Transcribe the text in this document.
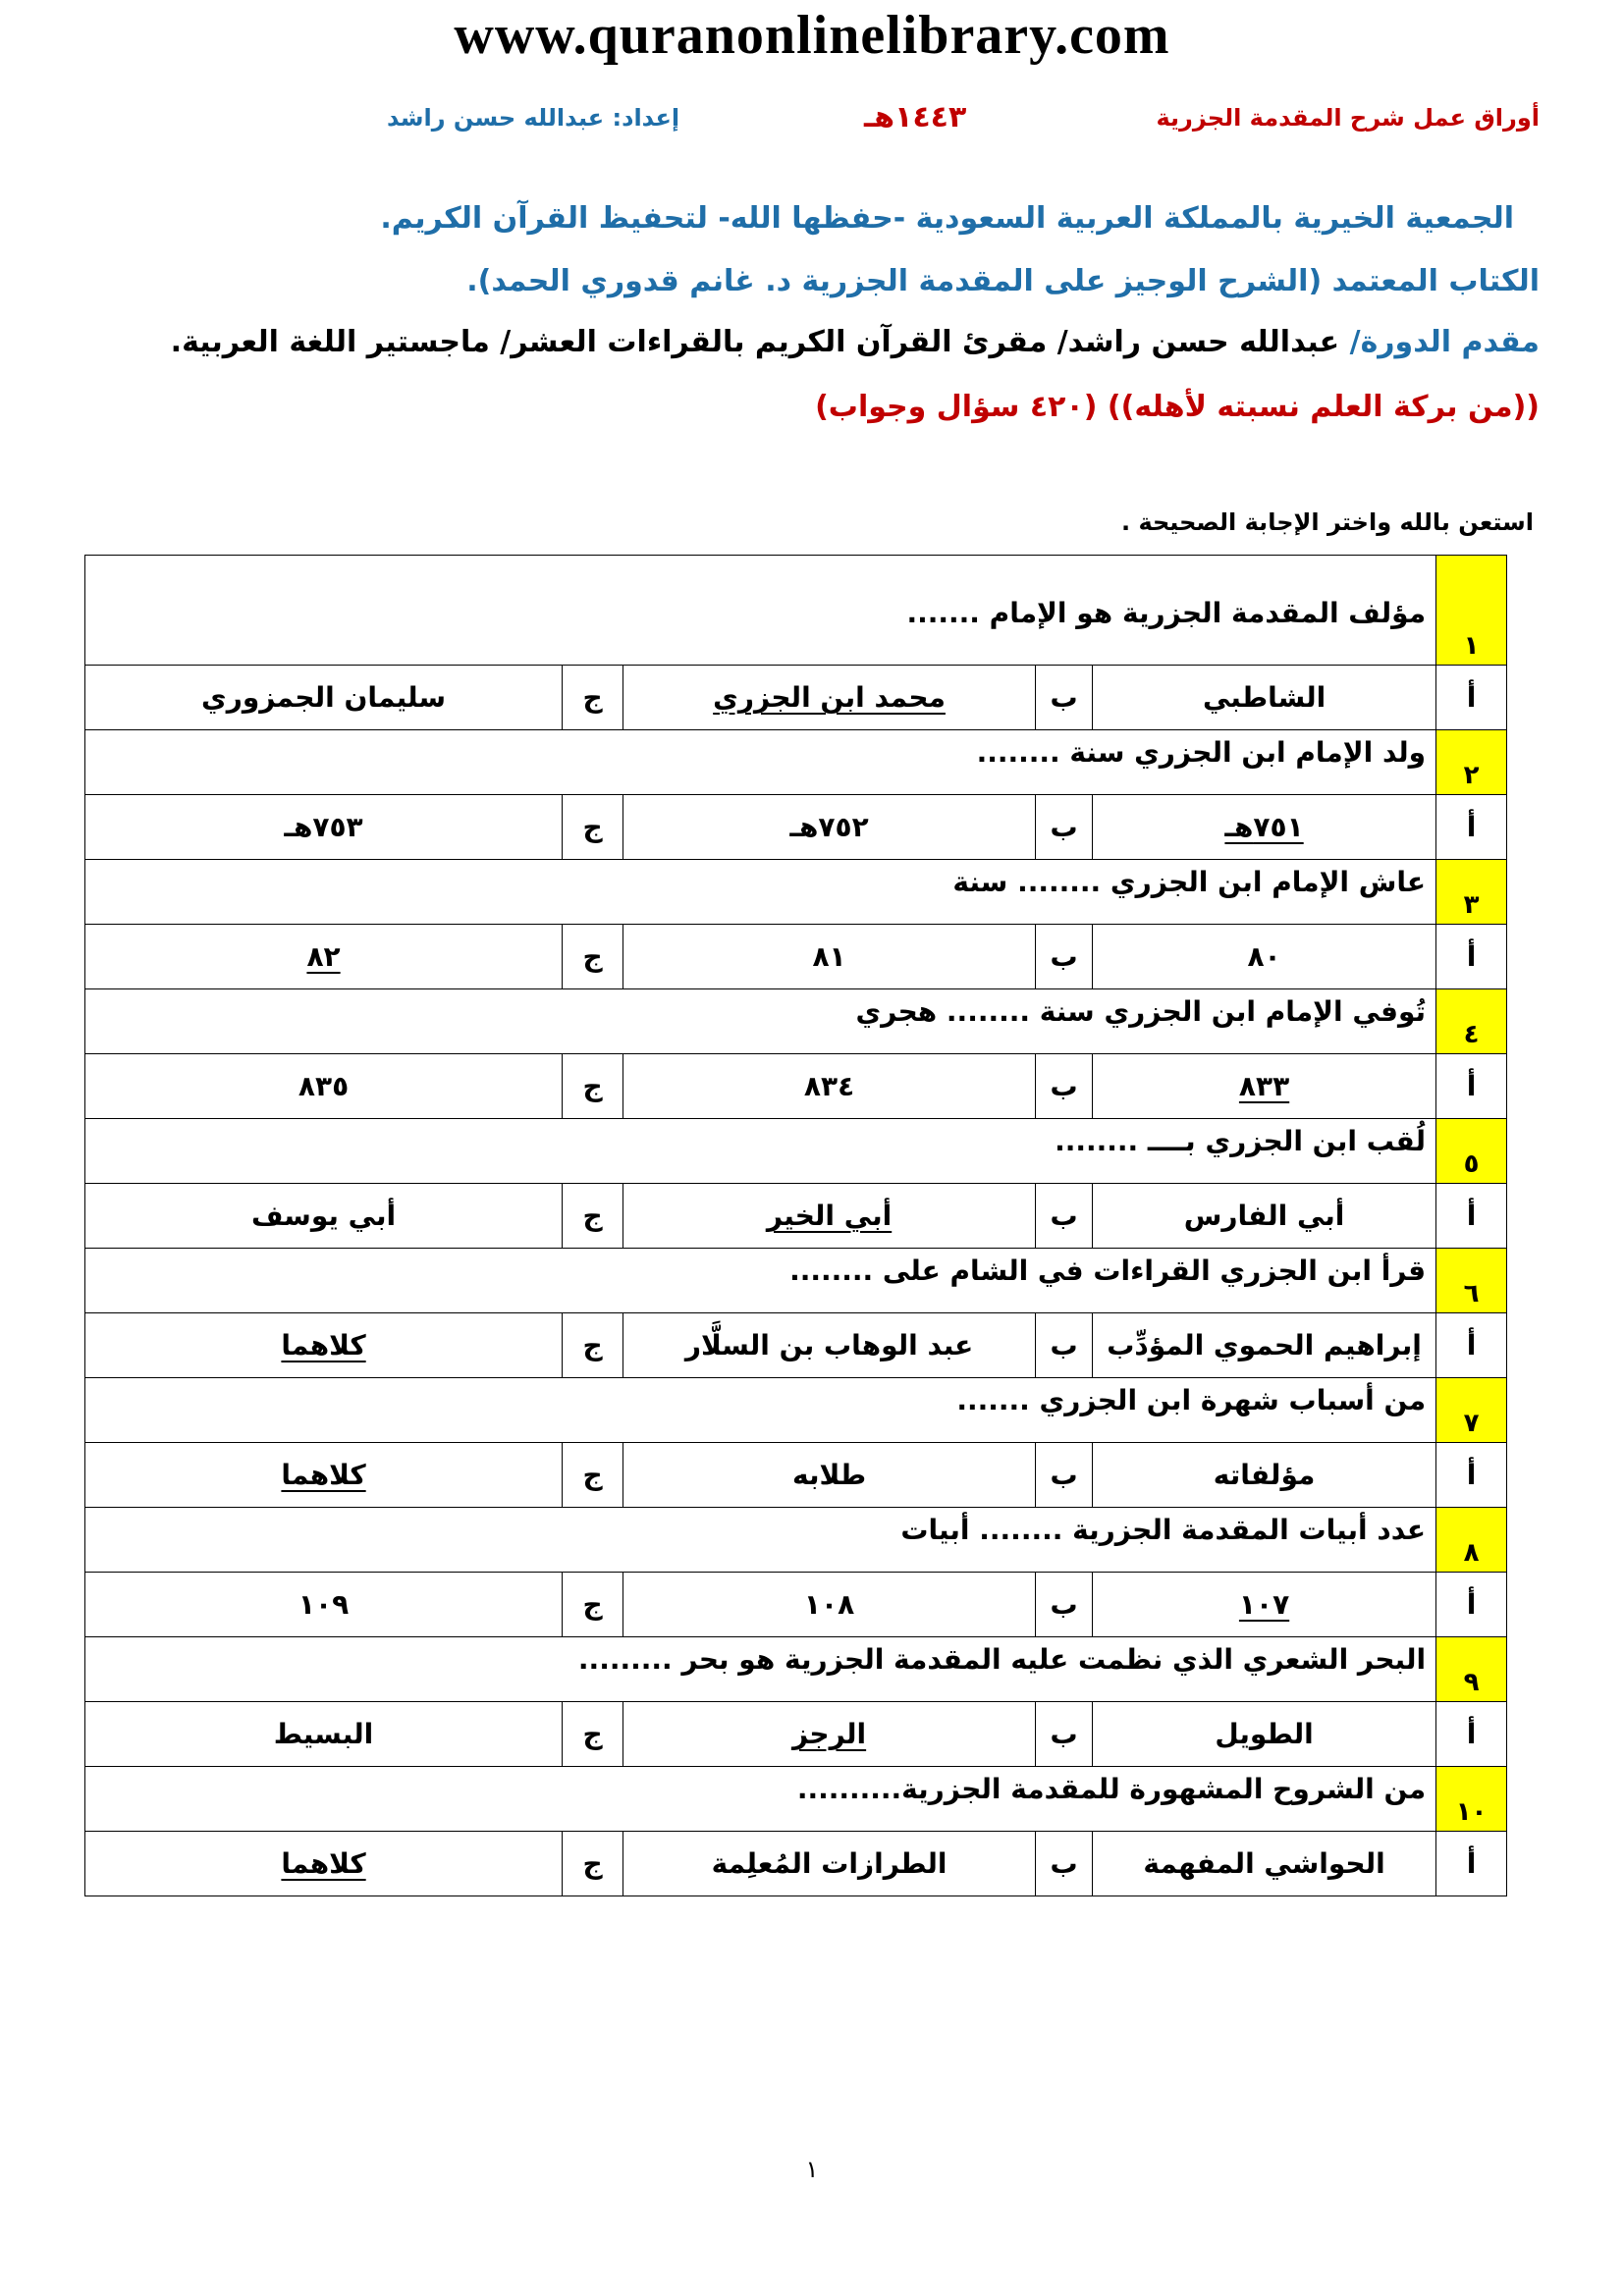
www.quranonlinelibrary.com
أوراق عمل شرح المقدمة الجزرية
١٤٤٣هـ
إعداد: عبدالله حسن راشد
الجمعية الخيرية بالمملكة العربية السعودية -حفظها الله- لتحفيظ القرآن الكريم.
الكتاب المعتمد (الشرح الوجيز على المقدمة الجزرية د. غانم قدوري الحمد).
مقدم الدورة/ عبدالله حسن راشد/ مقرئ القرآن الكريم بالقراءات العشر/ ماجستير اللغة العربية.
((من بركة العلم نسبته لأهله)) (٤٢٠ سؤال وجواب)
استعن بالله واختر الإجابة الصحيحة .
١	مؤلف المقدمة الجزرية هو الإمام .......				
أ	الشاطبي	ب	محمد ابن الجزري	ج	سليمان الجمزوري
٢	ولد الإمام ابن الجزري سنة ........				
أ	٧٥١هـ	ب	٧٥٢هـ	ج	٧٥٣هـ
٣	عاش الإمام ابن الجزري ........ سنة				
أ	٨٠	ب	٨١	ج	٨٢
٤	تُوفي الإمام ابن الجزري سنة ........ هجري				
أ	٨٣٣	ب	٨٣٤	ج	٨٣٥
٥	لُقب ابن الجزري بــــ ........				
أ	أبي الفارس	ب	أبي الخير	ج	أبي يوسف
٦	قرأ ابن الجزري القراءات في الشام على ........				
أ	إبراهيم الحموي المؤدِّب	ب	عبد الوهاب بن السلَّار	ج	كلاهما
٧	من أسباب شهرة ابن الجزري .......				
أ	مؤلفاته	ب	طلابه	ج	كلاهما
٨	عدد أبيات المقدمة الجزرية ........ أبيات				
أ	١٠٧	ب	١٠٨	ج	١٠٩
٩	البحر الشعري الذي نظمت عليه المقدمة الجزرية هو بحر .........				
أ	الطويل	ب	الرجز	ج	البسيط
١٠	من الشروح المشهورة للمقدمة الجزرية..........				
أ	الحواشي المفهمة	ب	الطرازات المُعلِمة	ج	كلاهما
١
